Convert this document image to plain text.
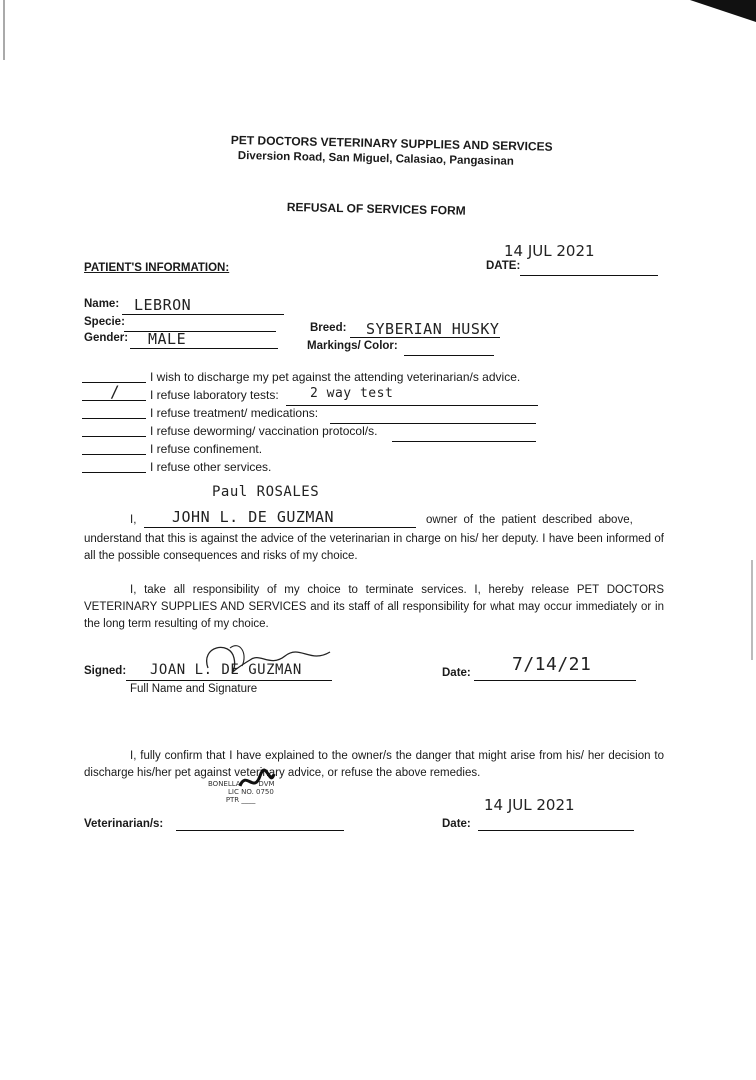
PET DOCTORS VETERINARY SUPPLIES AND SERVICES
Diversion Road, San Miguel, Calasiao, Pangasinan
REFUSAL OF SERVICES FORM
PATIENT'S INFORMATION:	DATE:
14 JUL 2021
Name: LEBRON
Specie:
Gender: MALE
Breed: SYBERIAN HUSKY
Markings/ Color:
I wish to discharge my pet against the attending veterinarian/s advice.
/ I refuse laboratory tests: 2 way test
I refuse treatment/ medications:
I refuse deworming/ vaccination protocol/s.
I refuse confinement.
I refuse other services.
Paul ROSALES
I, JOHN L. DE GUZMAN	owner of the patient described above,
understand that this is against the advice of the veterinarian in charge on his/ her deputy. I have been informed of all the possible consequences and risks of my choice.
I, take all responsibility of my choice to terminate services. I, hereby release PET DOCTORS VETERINARY SUPPLIES AND SERVICES and its staff of all responsibility for what may occur immediately or in the long term resulting of my choice.
Signed: JOAN L. DE GUZMAN
Full Name and Signature
Date: 7/14/21
I, fully confirm that I have explained to the owner/s the danger that might arise from his/ her decision to discharge his/her pet against veterinary advice, or refuse the above remedies.
BONELLA	DVM
LIC NO. 0750
PTR ____
Veterinarian/s:	Date:
14 JUL 2021
